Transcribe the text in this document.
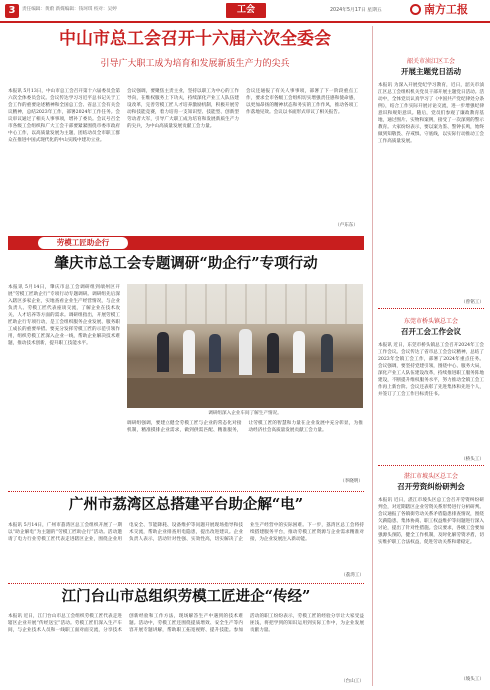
3	责任编辑：黄蔚 新媒编辑：钱珂琪 校对：吴婷	工会	2024年5月17日 星期五	南方工报
中山市总工会召开十六届六次全委会
引导广大职工成为培育和发展新质生产力的尖兵
本报讯 5月13日，中山市总工会召开第十六届委员会第六次全体委员会议。会议传达学习习近平总书记关于工会工作的重要论述精神和全国总工会、省总工会有关会议精神，总结2023年工作，部署2024年工作任务。会议审议通过了相关人事事项，增补了委员。会议号召全市各级工会组织和广大工会干部要紧紧围绕市委市政府中心工作，以高质量发展为主题，团结动员全市职工群众在推进中国式现代化的中山实践中建功立业。
会议强调，要聚焦主责主业，坚持以职工为中心的工作导向，在维权服务上下功夫，持续深化产业工人队伍建设改革，完善劳模工匠人才培养激励机制，积极开展劳动和技能竞赛，着力培育一支知识型、技能型、创新型劳动者大军，引导广大职工成为培育和发展新质生产力的尖兵，为中山高质量发展贡献工会力量。
会议还通报了有关人事事项，部署了下一阶段重点工作，要求全市各级工会组织切实增强责任感和使命感，以更加昂扬的精神状态和务实的工作作风，推动各项工作落地见效。会议以书面形式审议了相关报告。
（卢东东）
劳模工匠助企行
肇庆市总工会专题调研“助企行”专项行动
本报讯 5月14日，肇庆市总工会调研组到端州区开展“劳模工匠助企行”专项行动专题调研。调研组先后深入辖区多家企业，实地查看企业生产经营情况，与企业负责人、劳模工匠代表座谈交流，了解企业在技术攻关、人才培养等方面的需求。调研组指出，开展劳模工匠助企行专项行动，是工会组织服务企业发展、服务职工成长的重要举措。要充分发挥劳模工匠的示范引领作用，组织劳模工匠深入企业一线，帮助企业解决技术难题，推动技术创新，提升职工技能水平。
调研组深入企业车间了解生产情况。
调研组强调，要建立健全劳模工匠与企业的常态化对接机制，精准摸排企业需求，做到供需匹配、精准服务，让劳模工匠的智慧和力量在企业发展中充分彰显，为推动经济社会高质量发展贡献工会力量。
（李晓明）
广州市荔湾区总搭建平台助企解“电”
本报讯 5月14日，广州市荔湾区总工会组织开展了一期以“助企解电”为主题的“劳模工匠助企行”活动。活动邀请了电力行业劳模工匠代表走进辖区企业，围绕企业用电安全、节能降耗、设备维护等问题开展现场指导和技术交流，帮助企业排查用电隐患，提出改进建议。企业负责人表示，活动针对性强、实效性高，切实解决了企业生产经营中的实际困难。下一步，荔湾区总工会将持续搭建服务平台，推动劳模工匠资源与企业需求精准对接，为企业发展注入新动能。
（荔湾工）
江门台山市总组织劳模工匠进企“传经”
本报讯 近日，江门台山市总工会组织劳模工匠代表走进辖区企业开展“传经送宝”活动。劳模工匠们深入生产车间，与企业技术人员和一线职工面对面交流，分享技术创新经验和工作方法，现场解答生产中遇到的技术难题。活动中，劳模工匠还围绕提质增效、安全生产等内容开展专题讲解，帮助职工拓宽视野、提升技能。参加活动的职工纷纷表示，劳模工匠的经验分享让大家受益匪浅，将把学到的知识运用到实际工作中，为企业发展贡献力量。
（台山工）
韶关市浈江区工会
开展主题党日活动
本报讯 为深入开展党纪学习教育，近日，韶关市浈江区总工会组织机关党员干部开展主题党日活动。活动中，全体党员认真学习了《中国共产党纪律处分条例》，结合工作实际开展讨论交流，进一步增强纪律意识和规矩意识。随后，党员们参观了廉政教育基地，通过图片、实物和案例，接受了一次深刻的警示教育。大家纷纷表示，要以案为鉴、警钟长鸣，始终做到知敬畏、存戒惧、守底线，以实际行动推动工会工作高质量发展。
（曾铭工）
东莞市桥头镇总工会
召开工会工作会议
本报讯 近日，东莞市桥头镇总工会召开2024年工会工作会议。会议传达了省市总工会会议精神，总结了2023年全镇工会工作，部署了2024年重点任务。会议强调，要坚持党建引领，围绕中心、服务大局，深化产业工人队伍建设改革，持续推进职工服务阵地建设，不断提升维权服务水平，努力推动全镇工会工作再上新台阶。会议还表彰了先进集体和先进个人，并签订了工会工作目标责任书。
（桥头工）
湛江市坡头区总工会
召开劳资纠纷研判会
本报讯 近日，湛江市坡头区总工会召开劳资纠纷研判会，对近期辖区企业劳资关系形势进行分析研判。会议通报了各镇街劳动关系矛盾隐患排查情况，围绕欠薪隐患、集体协商、职工权益维护等问题进行深入讨论，提出了针对性措施。会议要求，各级工会要加强源头预防，健全工作机制，及时化解劳资矛盾，切实维护职工合法权益，促进劳动关系和谐稳定。
（坡头工）
